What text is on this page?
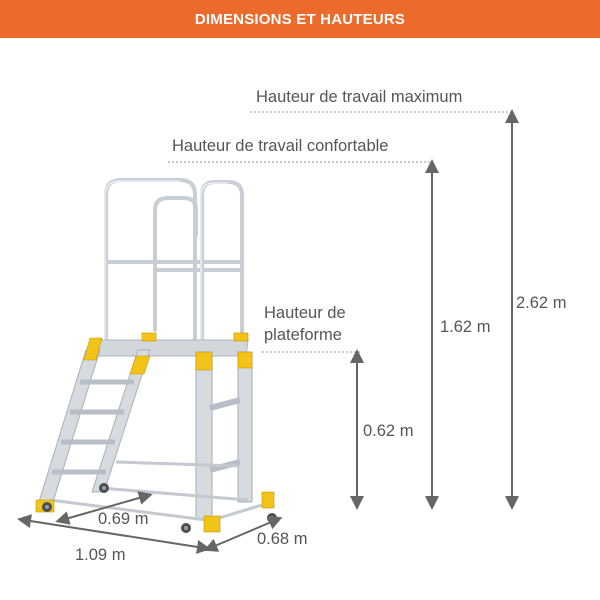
DIMENSIONS ET HAUTEURS
Hauteur de travail maximum
Hauteur de travail confortable
Hauteur de
plateforme
2.62 m
1.62 m
0.62 m
0.69 m
1.09 m
0.68 m
